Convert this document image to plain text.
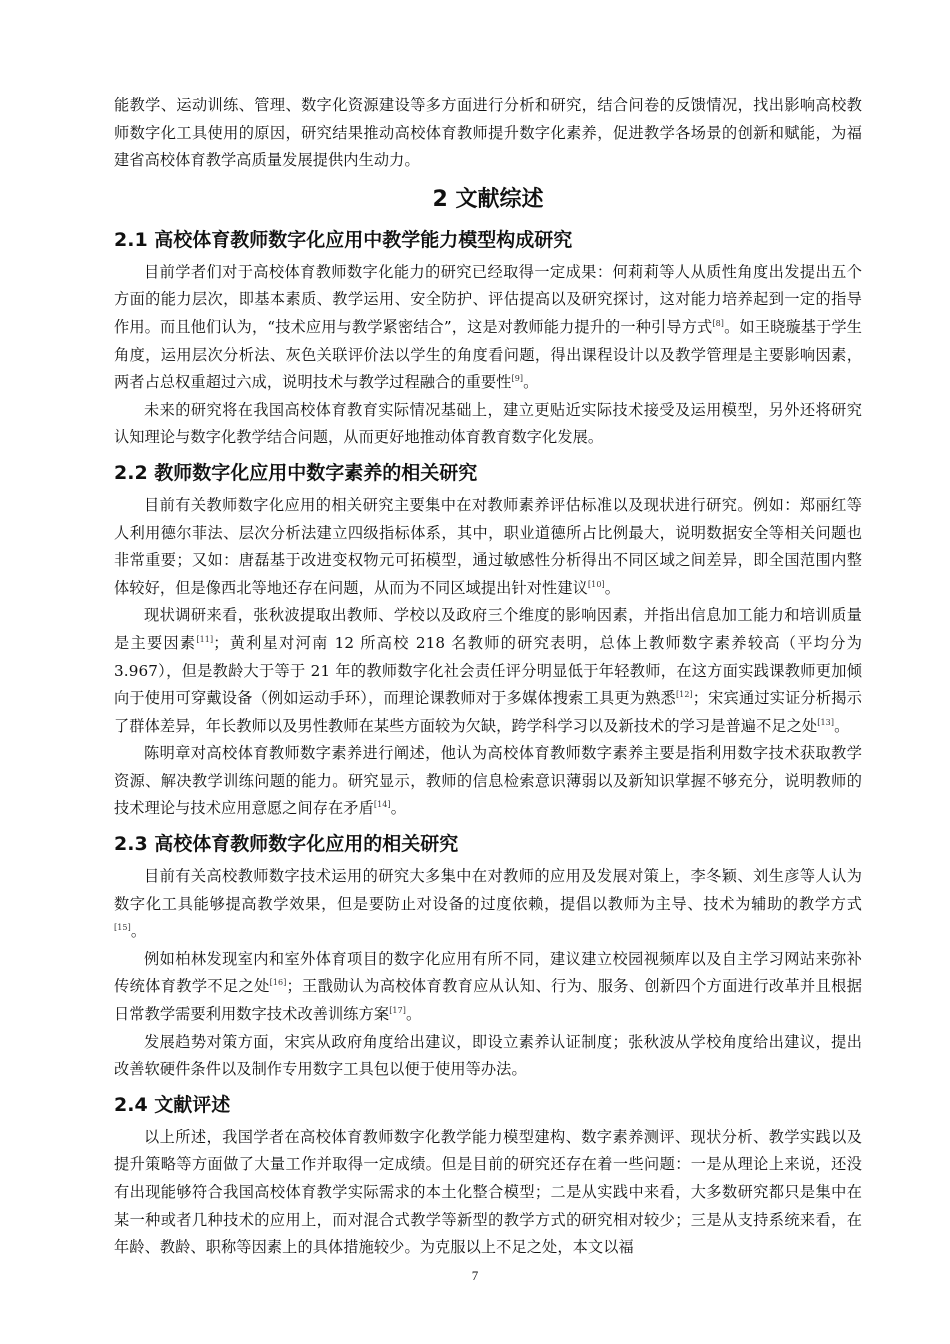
能教学、运动训练、管理、数字化资源建设等多方面进行分析和研究，结合问卷的反馈情况，找出影响高校教师数字化工具使用的原因，研究结果推动高校体育教师提升数字化素养，促进教学各场景的创新和赋能，为福建省高校体育教学高质量发展提供内生动力。

2 文献综述
2.1 高校体育教师数字化应用中教学能力模型构成研究

目前学者们对于高校体育教师数字化能力的研究已经取得一定成果：何莉莉等人从质性角度出发提出五个方面的能力层次，即基本素质、教学运用、安全防护、评估提高以及研究探讨，这对能力培养起到一定的指导作用。而且他们认为，“技术应用与教学紧密结合”，这是对教师能力提升的一种引导方式[8]。如王晓璇基于学生角度，运用层次分析法、灰色关联评价法以学生的角度看问题，得出课程设计以及教学管理是主要影响因素，两者占总权重超过六成，说明技术与教学过程融合的重要性[9]。

未来的研究将在我国高校体育教育实际情况基础上，建立更贴近实际技术接受及运用模型，另外还将研究认知理论与数字化教学结合问题，从而更好地推动体育教育数字化发展。

2.2 教师数字化应用中数字素养的相关研究

目前有关教师数字化应用的相关研究主要集中在对教师素养评估标准以及现状进行研究。例如：郑丽红等人利用德尔菲法、层次分析法建立四级指标体系，其中，职业道德所占比例最大，说明数据安全等相关问题也非常重要；又如：唐磊基于改进变权物元可拓模型，通过敏感性分析得出不同区域之间差异，即全国范围内整体较好，但是像西北等地还存在问题，从而为不同区域提出针对性建议[10]。

现状调研来看，张秋波提取出教师、学校以及政府三个维度的影响因素，并指出信息加工能力和培训质量是主要因素[11]；黄利星对河南 12 所高校 218 名教师的研究表明，总体上教师数字素养较高（平均分为 3.967），但是教龄大于等于 21 年的教师数字化社会责任评分明显低于年轻教师，在这方面实践课教师更加倾向于使用可穿戴设备（例如运动手环），而理论课教师对于多媒体搜索工具更为熟悉[12]；宋宾通过实证分析揭示了群体差异，年长教师以及男性教师在某些方面较为欠缺，跨学科学习以及新技术的学习是普遍不足之处[13]。

陈明章对高校体育教师数字素养进行阐述，他认为高校体育教师数字素养主要是指利用数字技术获取教学资源、解决教学训练问题的能力。研究显示，教师的信息检索意识薄弱以及新知识掌握不够充分，说明教师的技术理论与技术应用意愿之间存在矛盾[14]。

2.3 高校体育教师数字化应用的相关研究

目前有关高校教师数字技术运用的研究大多集中在对教师的应用及发展对策上，李冬颖、刘生彦等人认为数字化工具能够提高教学效果，但是要防止对设备的过度依赖，提倡以教师为主导、技术为辅助的教学方式[15]。

例如柏林发现室内和室外体育项目的数字化应用有所不同，建议建立校园视频库以及自主学习网站来弥补传统体育教学不足之处[16]；王戬勋认为高校体育教育应从认知、行为、服务、创新四个方面进行改革并且根据日常教学需要利用数字技术改善训练方案[17]。

发展趋势对策方面，宋宾从政府角度给出建议，即设立素养认证制度；张秋波从学校角度给出建议，提出改善软硬件条件以及制作专用数字工具包以便于使用等办法。

2.4 文献评述

以上所述，我国学者在高校体育教师数字化教学能力模型建构、数字素养测评、现状分析、教学实践以及提升策略等方面做了大量工作并取得一定成绩。但是目前的研究还存在着一些问题：一是从理论上来说，还没有出现能够符合我国高校体育教学实际需求的本土化整合模型；二是从实践中来看，大多数研究都只是集中在某一种或者几种技术的应用上，而对混合式教学等新型的教学方式的研究相对较少；三是从支持系统来看，在年龄、教龄、职称等因素上的具体措施较少。为克服以上不足之处，本文以福

7
